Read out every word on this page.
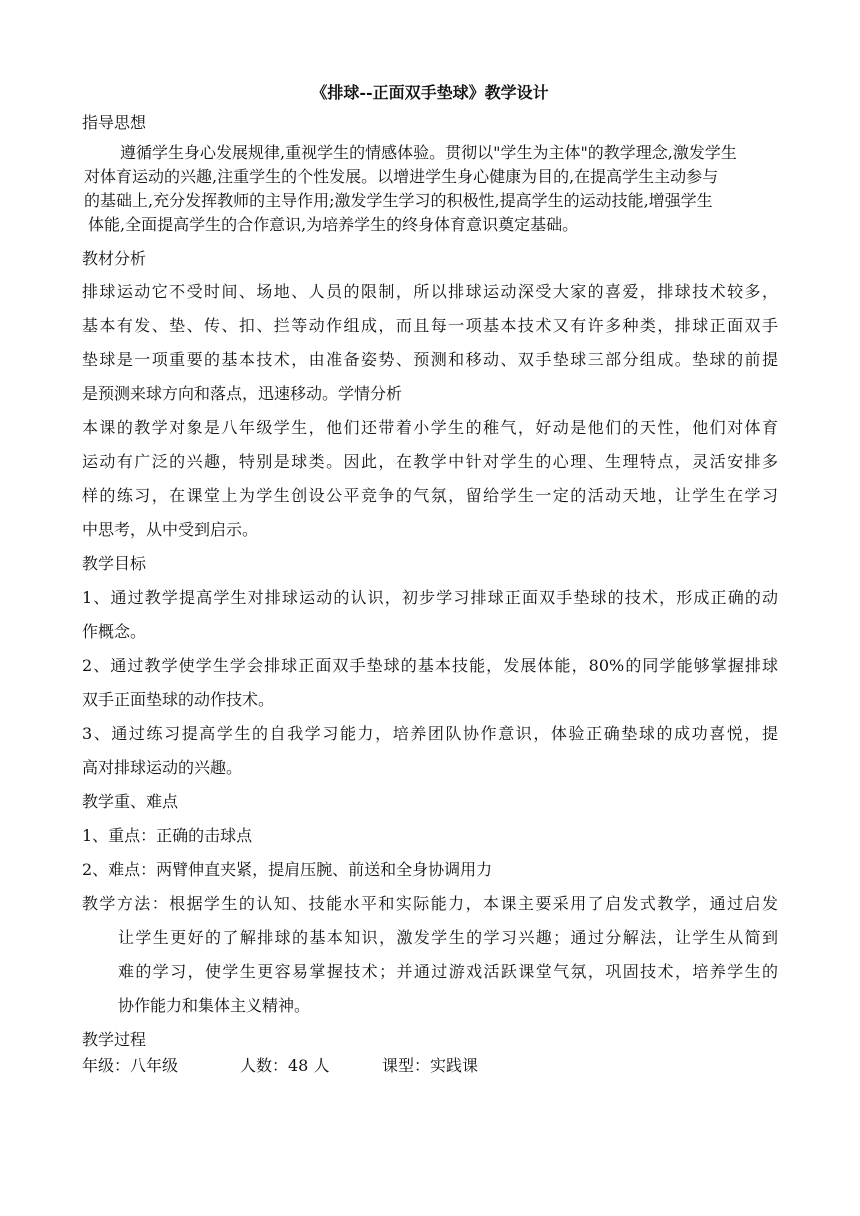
《排球--正面双手垫球》教学设计
指导思想
遵循学生身心发展规律,重视学生的情感体验。贯彻以"学生为主体"的教学理念,激发学生
对体育运动的兴趣,注重学生的个性发展。以增进学生身心健康为目的,在提高学生主动参与
的基础上,充分发挥教师的主导作用;激发学生学习的积极性,提高学生的运动技能,增强学生
体能,全面提高学生的合作意识,为培养学生的终身体育意识奠定基础。
教材分析
排球运动它不受时间、场地、人员的限制，所以排球运动深受大家的喜爱，排球技术较多，
基本有发、垫、传、扣、拦等动作组成，而且每一项基本技术又有许多种类，排球正面双手
垫球是一项重要的基本技术，由准备姿势、预测和移动、双手垫球三部分组成。垫球的前提
是预测来球方向和落点，迅速移动。学情分析
本课的教学对象是八年级学生，他们还带着小学生的稚气，好动是他们的天性，他们对体育
运动有广泛的兴趣，特别是球类。因此，在教学中针对学生的心理、生理特点，灵活安排多
样的练习，在课堂上为学生创设公平竞争的气氛，留给学生一定的活动天地，让学生在学习
中思考，从中受到启示。
教学目标
1、通过教学提高学生对排球运动的认识，初步学习排球正面双手垫球的技术，形成正确的动
作概念。
2、通过教学使学生学会排球正面双手垫球的基本技能，发展体能，80%的同学能够掌握排球
双手正面垫球的动作技术。
3、通过练习提高学生的自我学习能力，培养团队协作意识，体验正确垫球的成功喜悦，提
高对排球运动的兴趣。
教学重、难点
1、重点：正确的击球点
2、难点：两臂伸直夹紧，提肩压腕、前送和全身协调用力
教学方法：根据学生的认知、技能水平和实际能力，本课主要采用了启发式教学，通过启发
让学生更好的了解排球的基本知识，激发学生的学习兴趣；通过分解法，让学生从简到
难的学习，使学生更容易掌握技术；并通过游戏活跃课堂气氛，巩固技术，培养学生的
协作能力和集体主义精神。
教学过程
年级：八年级	人数：48 人	课型：实践课
